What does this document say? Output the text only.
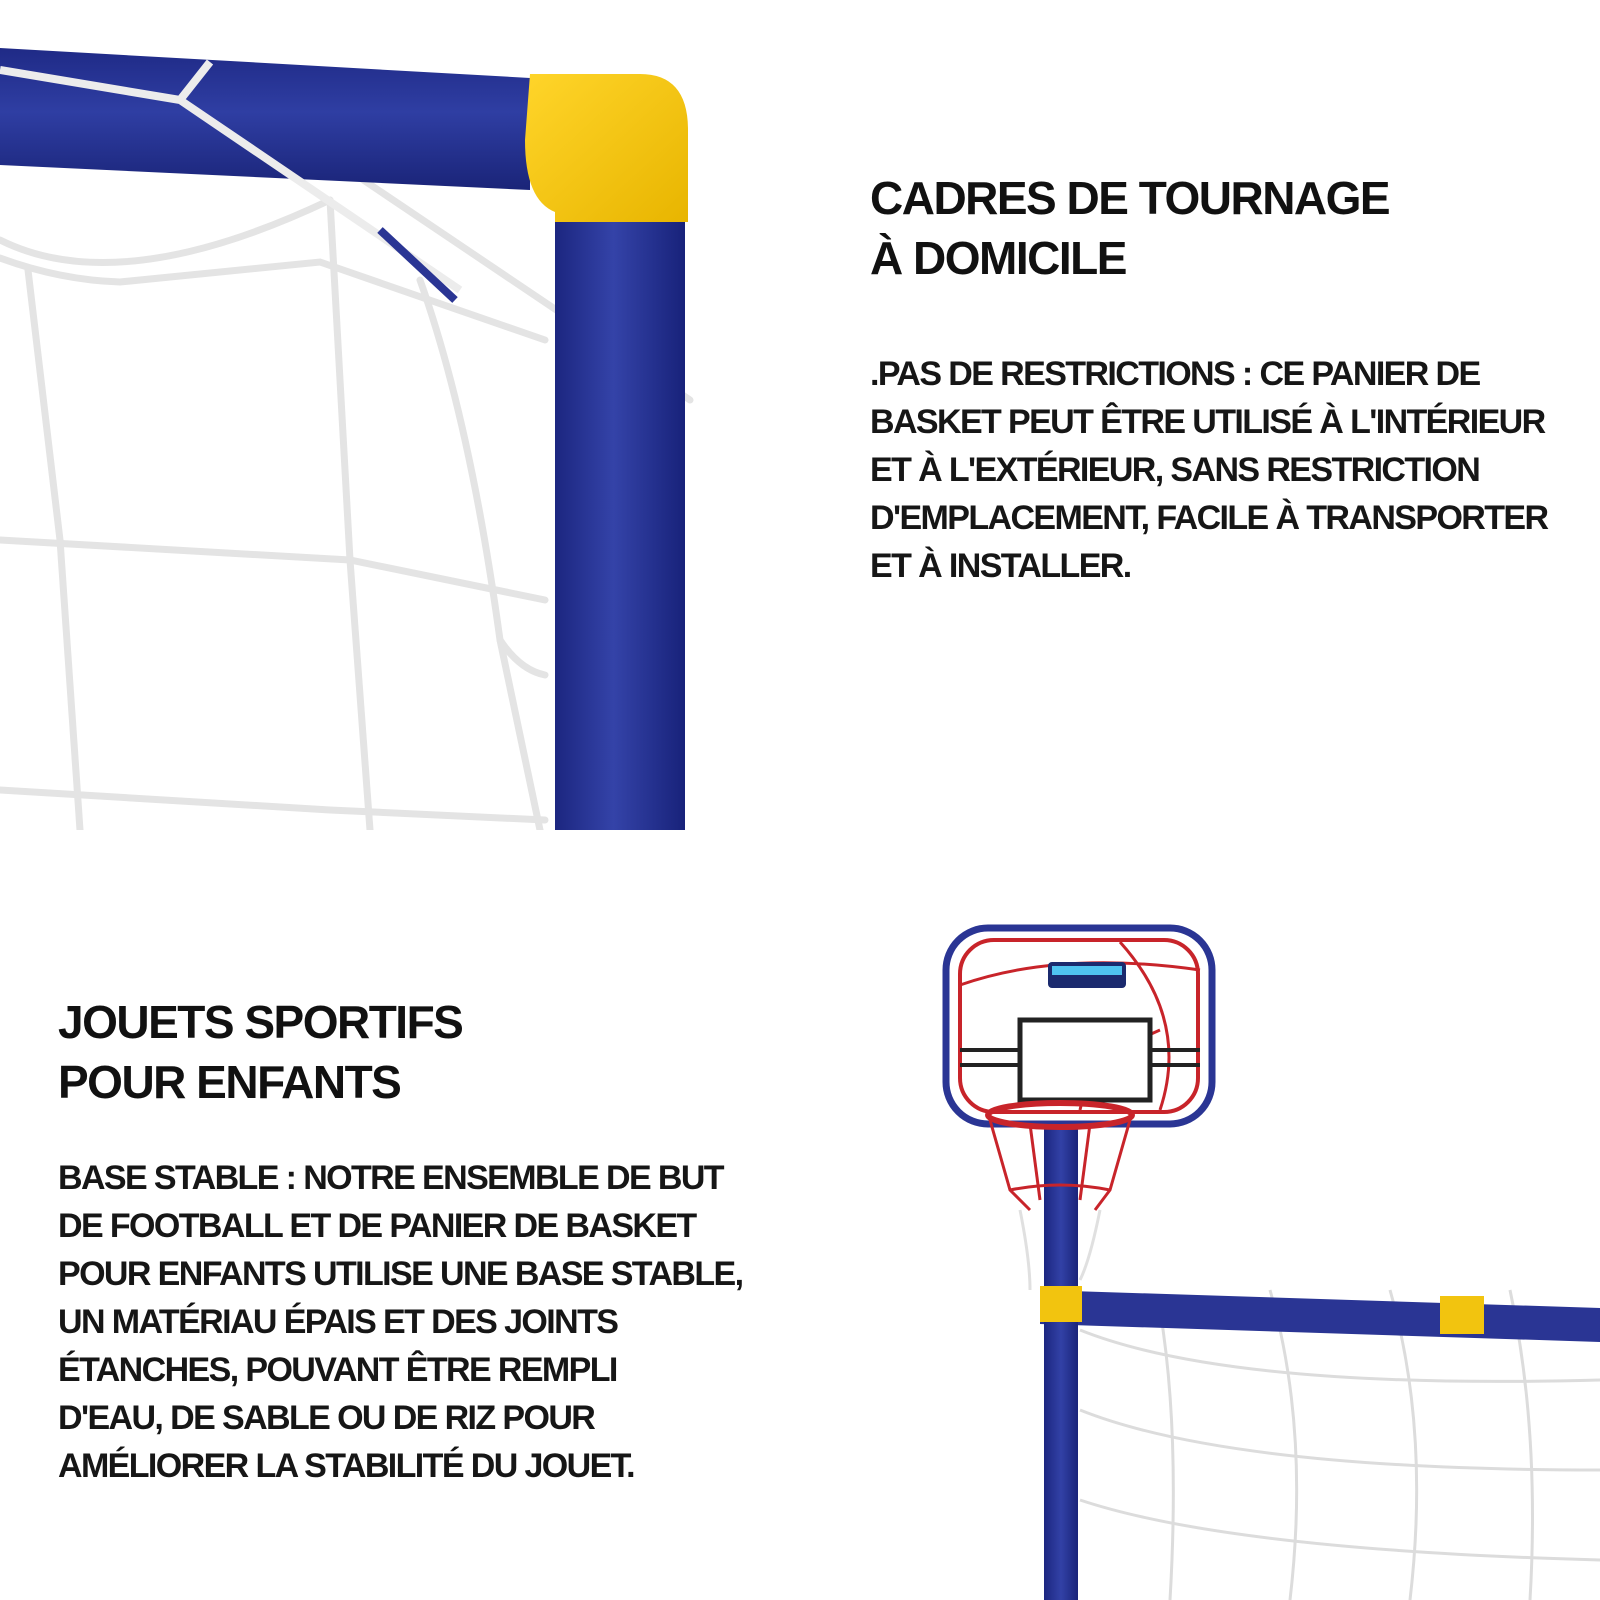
CADRES DE TOURNAGE
À DOMICILE

.PAS DE RESTRICTIONS : CE PANIER DE
BASKET PEUT ÊTRE UTILISÉ À L'INTÉRIEUR
ET À L'EXTÉRIEUR, SANS RESTRICTION
D'EMPLACEMENT, FACILE À TRANSPORTER
ET À INSTALLER.

JOUETS SPORTIFS
POUR ENFANTS

BASE STABLE : NOTRE ENSEMBLE DE BUT
DE FOOTBALL ET DE PANIER DE BASKET
POUR ENFANTS UTILISE UNE BASE STABLE,
UN MATÉRIAU ÉPAIS ET DES JOINTS
ÉTANCHES, POUVANT ÊTRE REMPLI
D'EAU, DE SABLE OU DE RIZ POUR
AMÉLIORER LA STABILITÉ DU JOUET.
